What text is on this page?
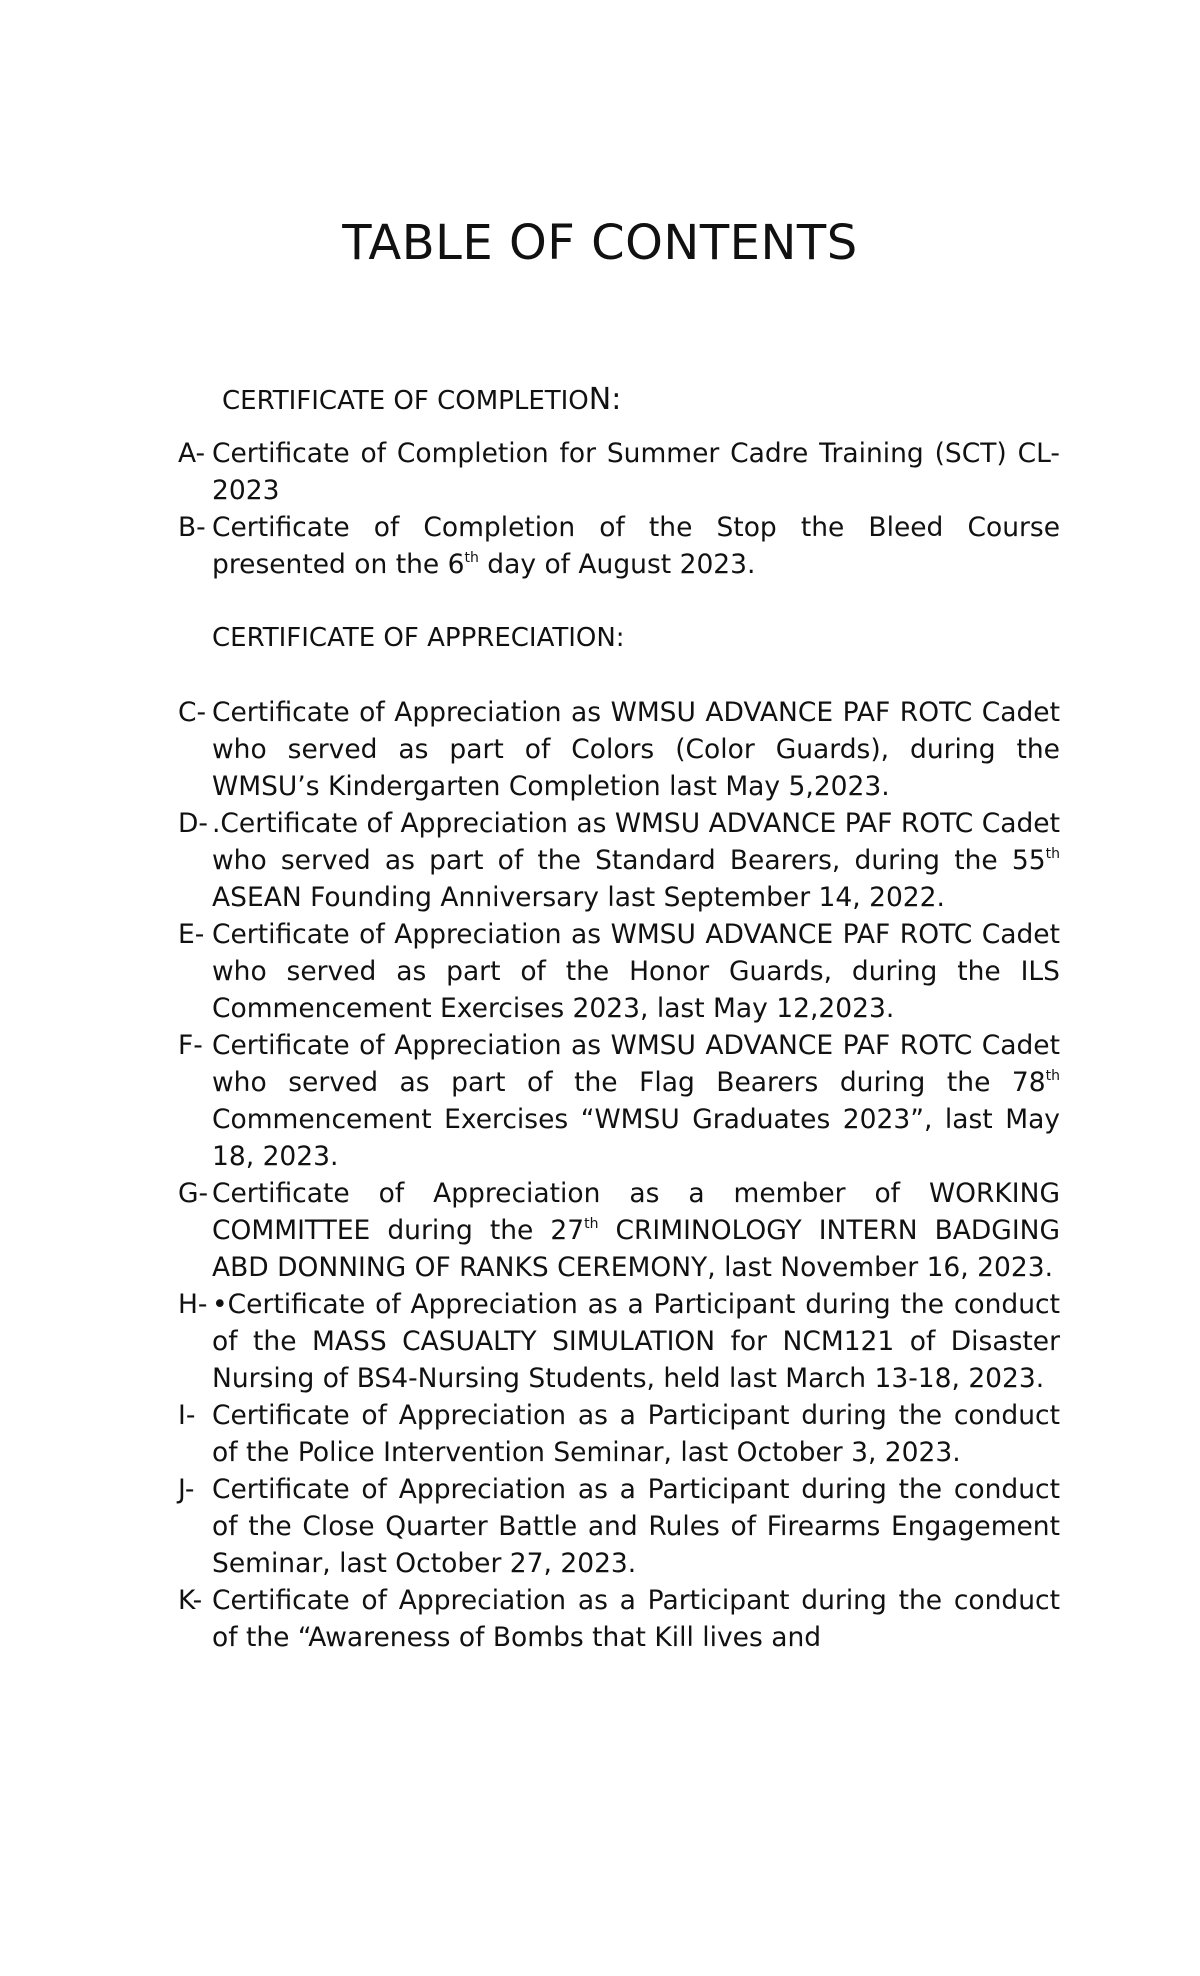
TABLE OF CONTENTS

CERTIFICATE OF COMPLETION:

CERTIFICATE OF APPRECIATION:

A- Certificate of Completion for Summer Cadre Training (SCT) CL-2023
B- Certificate of Completion of the Stop the Bleed Course presented on the 6th day of August 2023.
C- Certificate of Appreciation as WMSU ADVANCE PAF ROTC Cadet who served as part of Colors (Color Guards), during the WMSU’s Kindergarten Completion last May 5,2023.
D- .Certificate of Appreciation as WMSU ADVANCE PAF ROTC Cadet who served as part of the Standard Bearers, during the 55th ASEAN Founding Anniversary last September 14, 2022.
E- Certificate of Appreciation as WMSU ADVANCE PAF ROTC Cadet who served as part of the Honor Guards, during the ILS Commencement Exercises 2023, last May 12,2023.
F- Certificate of Appreciation as WMSU ADVANCE PAF ROTC Cadet who served as part of the Flag Bearers during the 78th Commencement Exercises “WMSU Graduates 2023”, last May 18, 2023.
G- Certificate of Appreciation as a member of WORKING COMMITTEE during the 27th CRIMINOLOGY INTERN BADGING ABD DONNING OF RANKS CEREMONY, last November 16, 2023.
H- •Certificate of Appreciation as a Participant during the conduct of the MASS CASUALTY SIMULATION for NCM121 of Disaster Nursing of BS4-Nursing Students, held last March 13-18, 2023.
I- Certificate of Appreciation as a Participant during the conduct of the Police Intervention Seminar, last October 3, 2023.
J- Certificate of Appreciation as a Participant during the conduct of the Close Quarter Battle and Rules of Firearms Engagement Seminar, last October 27, 2023.
K- Certificate of Appreciation as a Participant during the conduct of the “Awareness of Bombs that Kill lives and
